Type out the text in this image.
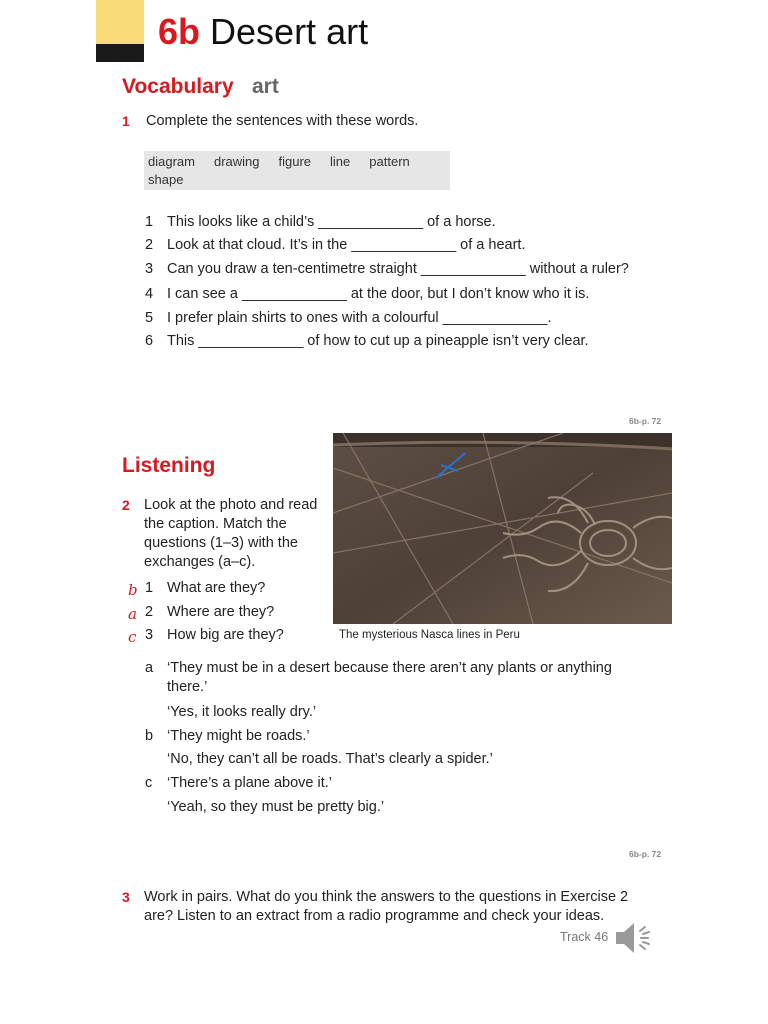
6b Desert art
Vocabulary art
1 Complete the sentences with these words.
diagram drawing figure line pattern
shape
1 This looks like a child’s _____________ of a horse.
2 Look at that cloud. It’s in the _____________ of a heart.
3 Can you draw a ten-centimetre straight _____________ without a ruler?
4 I can see a _____________ at the door, but I don’t know who it is.
5 I prefer plain shirts to ones with a colourful _____________.
6 This _____________ of how to cut up a pineapple isn’t very clear.
6b-p. 72
Listening
The mysterious Nasca lines in Peru
2 Look at the photo and read
the caption. Match the
questions (1–3) with the
exchanges (a–c).
b 1 What are they?
a 2 Where are they?
c 3 How big are they?
a ‘They must be in a desert because there aren’t any plants or anything
there.’
‘Yes, it looks really dry.’
b ‘They might be roads.’
‘No, they can’t all be roads. That’s clearly a spider.’
c ‘There’s a plane above it.’
‘Yeah, so they must be pretty big.’
6b-p. 72
3 Work in pairs. What do you think the answers to the questions in Exercise 2
are? Listen to an extract from a radio programme and check your ideas.
Track 46
